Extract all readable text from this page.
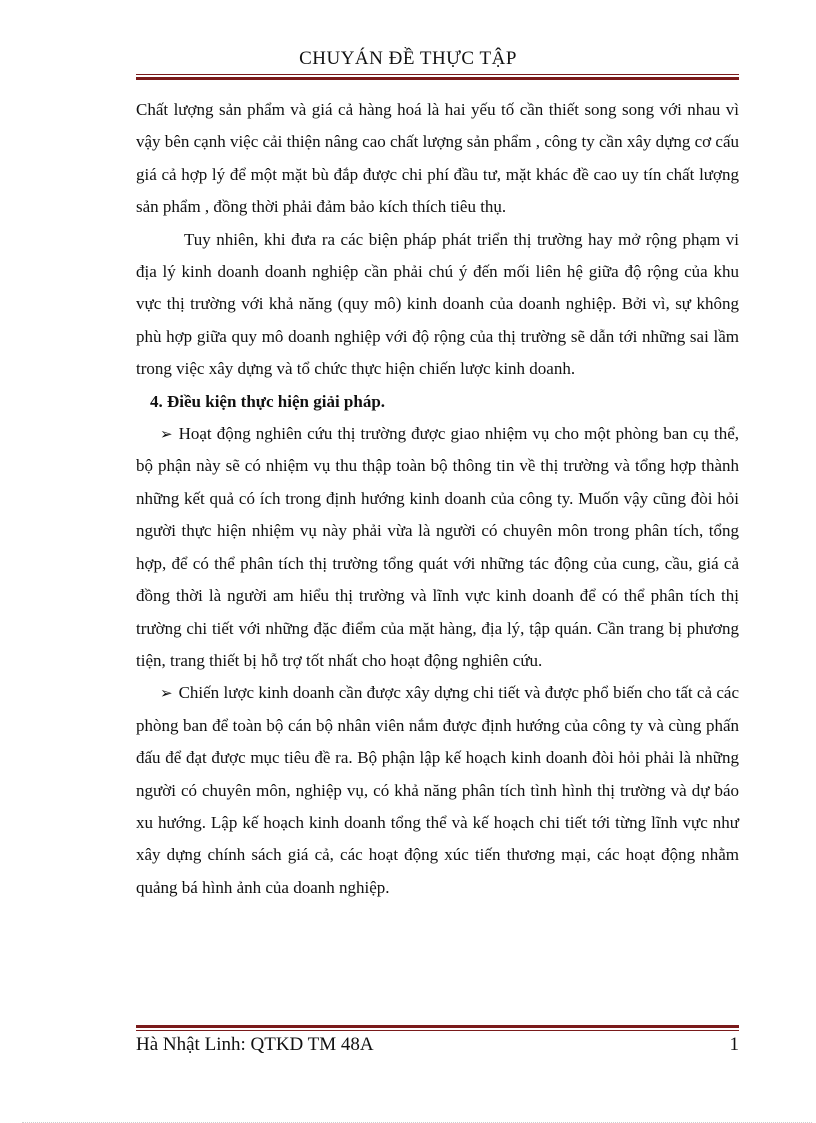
CHUYÁN ĐỀ THỰC TẬP

Chất lượng sản phẩm và giá cả hàng hoá là hai yếu tố cần thiết song song với nhau vì vậy bên cạnh việc cải thiện nâng cao chất lượng sản phẩm , công ty cần xây dựng cơ cấu giá cả hợp lý để một mặt bù đắp được chi phí đầu tư, mặt khác đề cao uy tín chất lượng sản phẩm , đồng thời phải đảm bảo kích thích tiêu thụ.

Tuy nhiên, khi đưa ra các biện pháp phát triển thị trường hay mở rộng phạm vi địa lý kinh doanh doanh nghiệp cần phải chú ý đến mối liên hệ giữa độ rộng của khu vực thị trường với khả năng (quy mô) kinh doanh của doanh nghiệp. Bởi vì, sự không phù hợp giữa quy mô doanh nghiệp với độ rộng của thị trường sẽ dẫn tới những sai lầm trong việc xây dựng và tổ chức thực hiện chiến lược kinh doanh.

4. Điều kiện thực hiện giải pháp.

➢ Hoạt động nghiên cứu thị trường được giao nhiệm vụ cho một phòng ban cụ thể, bộ phận này sẽ có nhiệm vụ thu thập toàn bộ thông tin về thị trường và tổng hợp thành những kết quả có ích trong định hướng kinh doanh của công ty. Muốn vậy cũng đòi hỏi người thực hiện nhiệm vụ này phải vừa là người có chuyên môn trong phân tích, tổng hợp, để có thể phân tích thị trường tổng quát với những tác động của cung, cầu, giá cả đồng thời là người am hiểu thị trường và lĩnh vực kinh doanh để có thể phân tích thị trường chi tiết với những đặc điểm của mặt hàng, địa lý, tập quán. Cần trang bị phương tiện, trang thiết bị hỗ trợ tốt nhất cho hoạt động nghiên cứu.

➢ Chiến lược kinh doanh cần được xây dựng chi tiết và được phổ biến cho tất cả các phòng ban để toàn bộ cán bộ nhân viên nắm được định hướng của công ty và cùng phấn đấu để đạt được mục tiêu đề ra. Bộ phận lập kế hoạch kinh doanh đòi hỏi phải là những người có chuyên môn, nghiệp vụ, có khả năng phân tích tình hình thị trường và dự báo xu hướng. Lập kế hoạch kinh doanh tổng thể và kế hoạch chi tiết tới từng lĩnh vực như xây dựng chính sách giá cả, các hoạt động xúc tiến thương mại, các hoạt động nhằm quảng bá hình ảnh của doanh nghiệp.

Hà Nhật Linh: QTKD TM 48A	1
